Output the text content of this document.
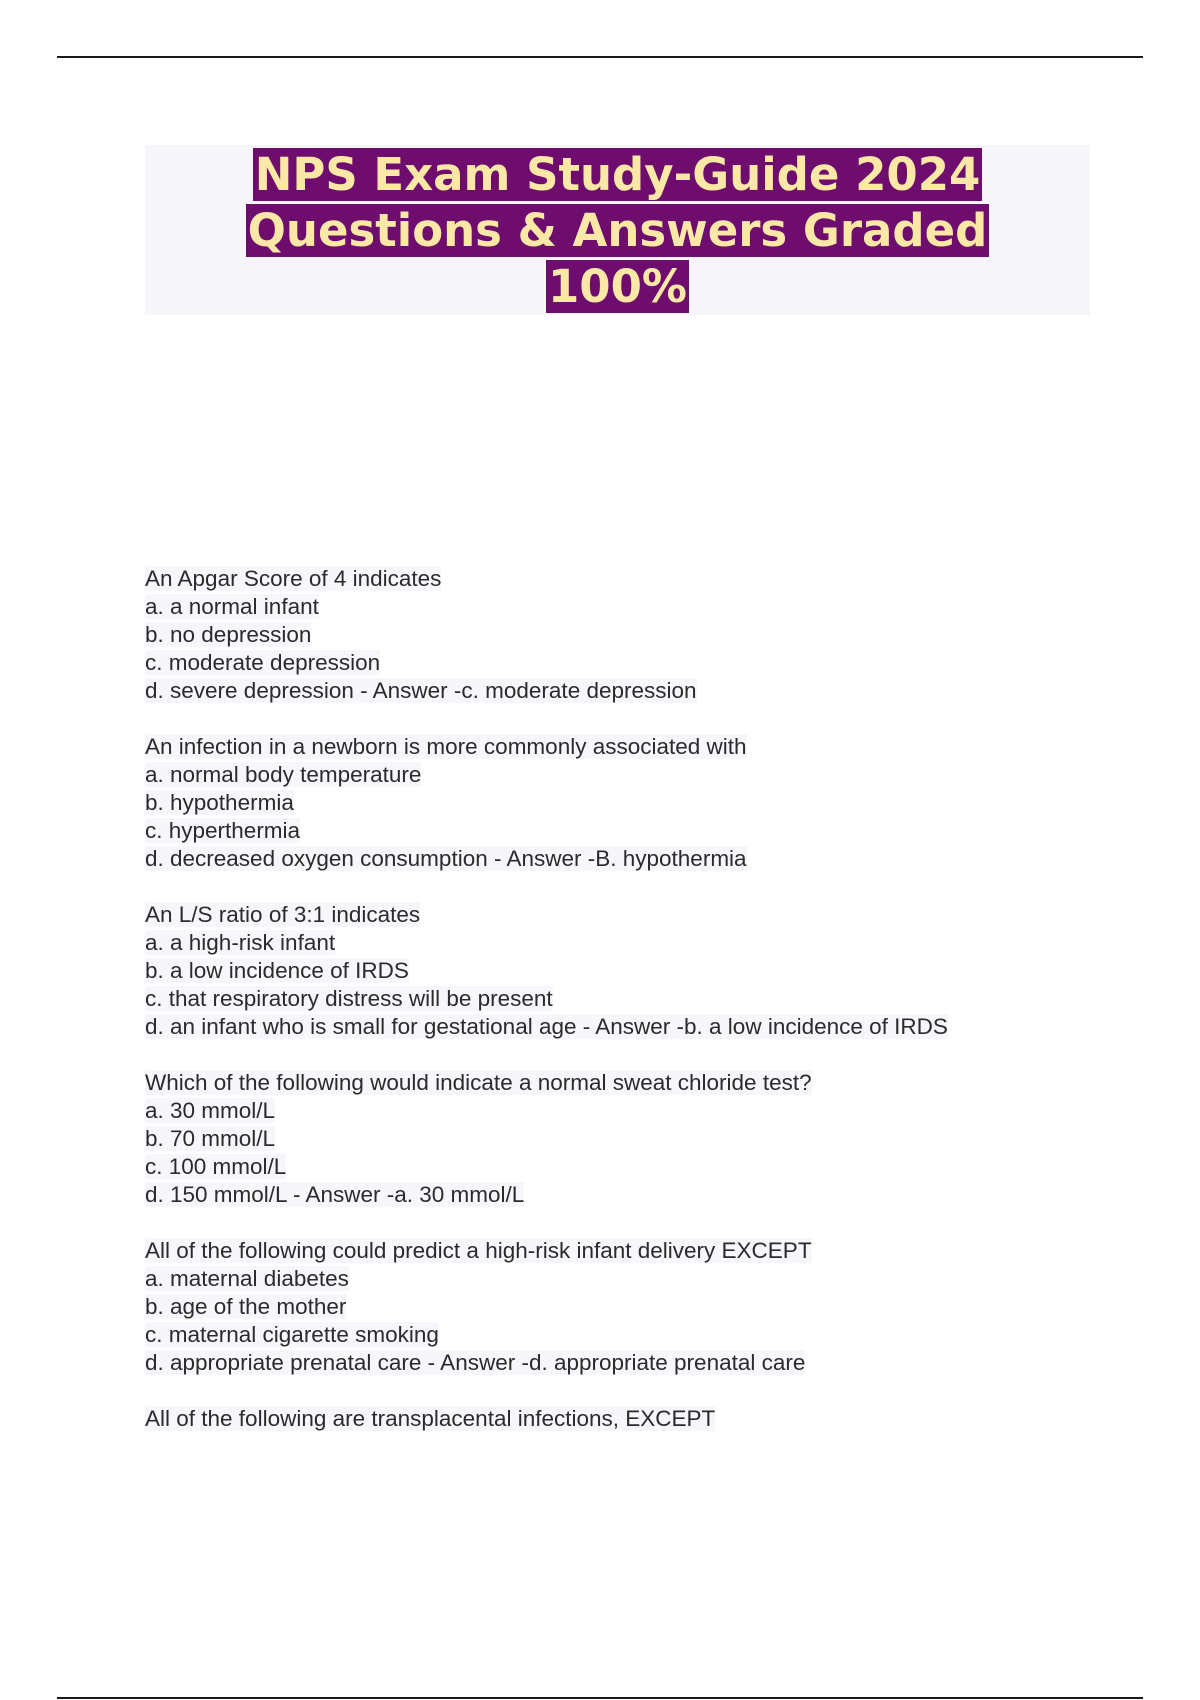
NPS Exam Study-Guide 2024 Questions & Answers Graded 100%
An Apgar Score of 4 indicates
a. a normal infant
b. no depression
c. moderate depression
d. severe depression - Answer -c. moderate depression
An infection in a newborn is more commonly associated with
a. normal body temperature
b. hypothermia
c. hyperthermia
d. decreased oxygen consumption - Answer -B. hypothermia
An L/S ratio of 3:1 indicates
a. a high-risk infant
b. a low incidence of IRDS
c. that respiratory distress will be present
d. an infant who is small for gestational age - Answer -b. a low incidence of IRDS
Which of the following would indicate a normal sweat chloride test?
a. 30 mmol/L
b. 70 mmol/L
c. 100 mmol/L
d. 150 mmol/L - Answer -a. 30 mmol/L
All of the following could predict a high-risk infant delivery EXCEPT
a. maternal diabetes
b. age of the mother
c. maternal cigarette smoking
d. appropriate prenatal care - Answer -d. appropriate prenatal care
All of the following are transplacental infections, EXCEPT
